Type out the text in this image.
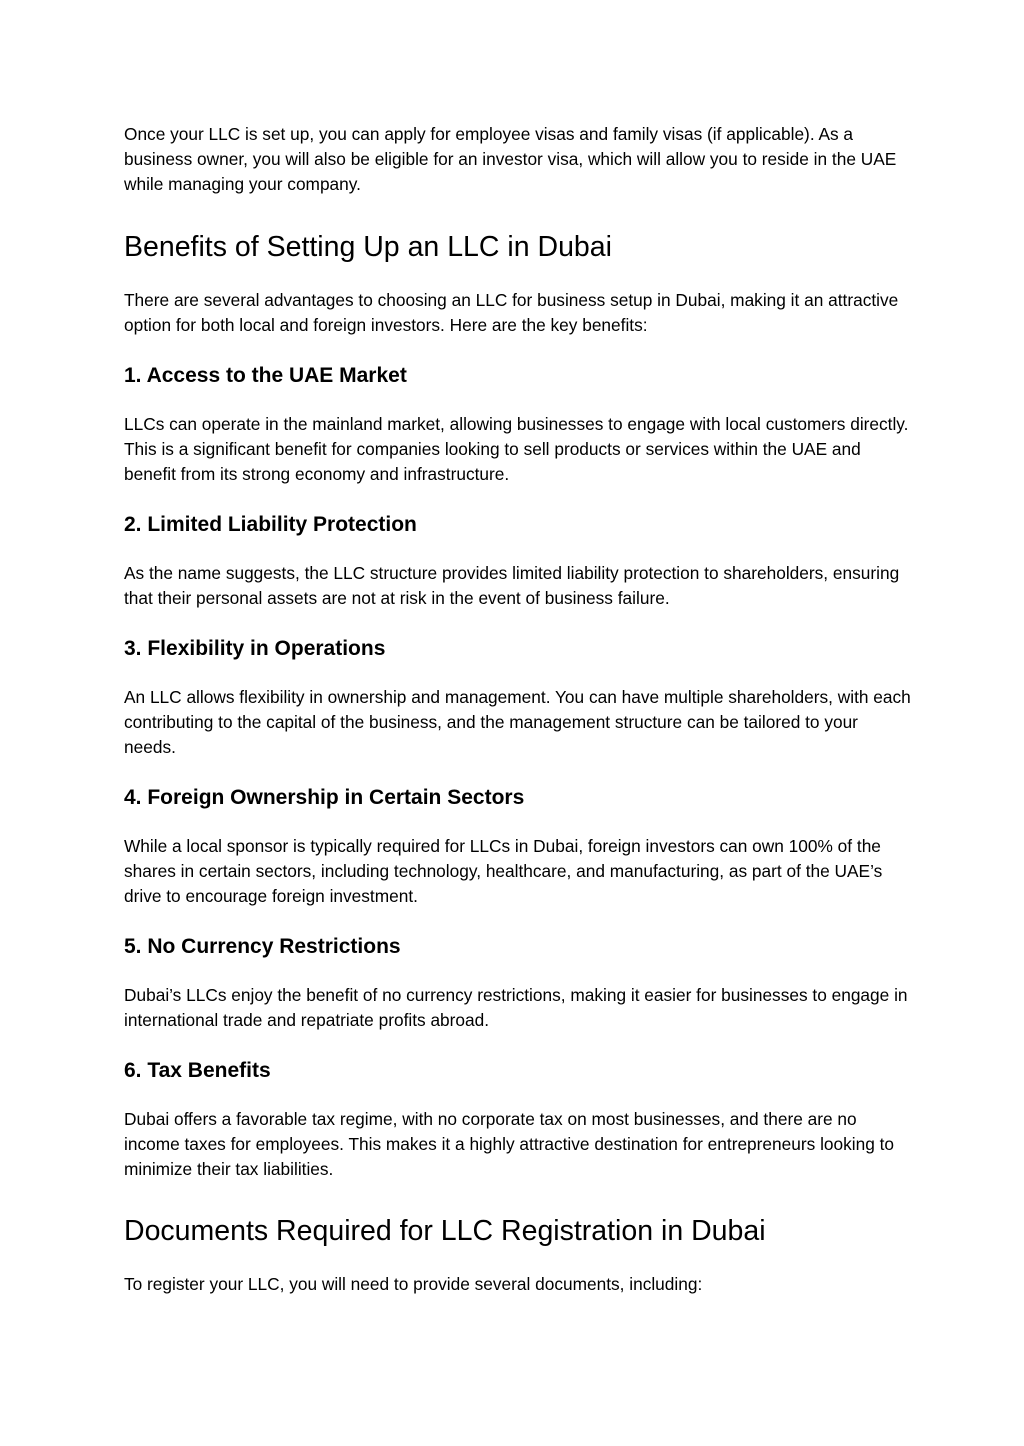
Once your LLC is set up, you can apply for employee visas and family visas (if applicable). As a business owner, you will also be eligible for an investor visa, which will allow you to reside in the UAE while managing your company.

Benefits of Setting Up an LLC in Dubai

There are several advantages to choosing an LLC for business setup in Dubai, making it an attractive option for both local and foreign investors. Here are the key benefits:

1. Access to the UAE Market

LLCs can operate in the mainland market, allowing businesses to engage with local customers directly. This is a significant benefit for companies looking to sell products or services within the UAE and benefit from its strong economy and infrastructure.

2. Limited Liability Protection

As the name suggests, the LLC structure provides limited liability protection to shareholders, ensuring that their personal assets are not at risk in the event of business failure.

3. Flexibility in Operations

An LLC allows flexibility in ownership and management. You can have multiple shareholders, with each contributing to the capital of the business, and the management structure can be tailored to your needs.

4. Foreign Ownership in Certain Sectors

While a local sponsor is typically required for LLCs in Dubai, foreign investors can own 100% of the shares in certain sectors, including technology, healthcare, and manufacturing, as part of the UAE’s drive to encourage foreign investment.

5. No Currency Restrictions

Dubai’s LLCs enjoy the benefit of no currency restrictions, making it easier for businesses to engage in international trade and repatriate profits abroad.

6. Tax Benefits

Dubai offers a favorable tax regime, with no corporate tax on most businesses, and there are no income taxes for employees. This makes it a highly attractive destination for entrepreneurs looking to minimize their tax liabilities.

Documents Required for LLC Registration in Dubai

To register your LLC, you will need to provide several documents, including:
